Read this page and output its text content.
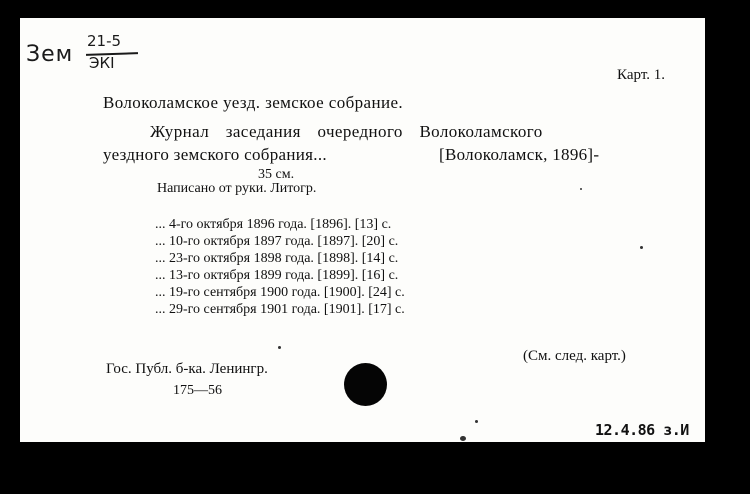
Зем
21-5
ЭКІ
Карт. 1.
Волоколамское уезд. земское собрание.
Журнал заседания очередного Волоколамского
уездного земского собрания...	[Волоколамск, 1896]-
35 см.
Написано от руки. Литогр.
... 4-го октября 1896 года. [1896]. [13] с.
... 10-го октября 1897 года. [1897]. [20] с.
... 23-го октября 1898 года. [1898]. [14] с.
... 13-го октября 1899 года. [1899]. [16] с.
... 19-го сентября 1900 года. [1900]. [24] с.
... 29-го сентября 1901 года. [1901]. [17] с.
(См. след. карт.)
Гос. Публ. б-ка. Ленингр.
175—56
12.4.86 з.И
